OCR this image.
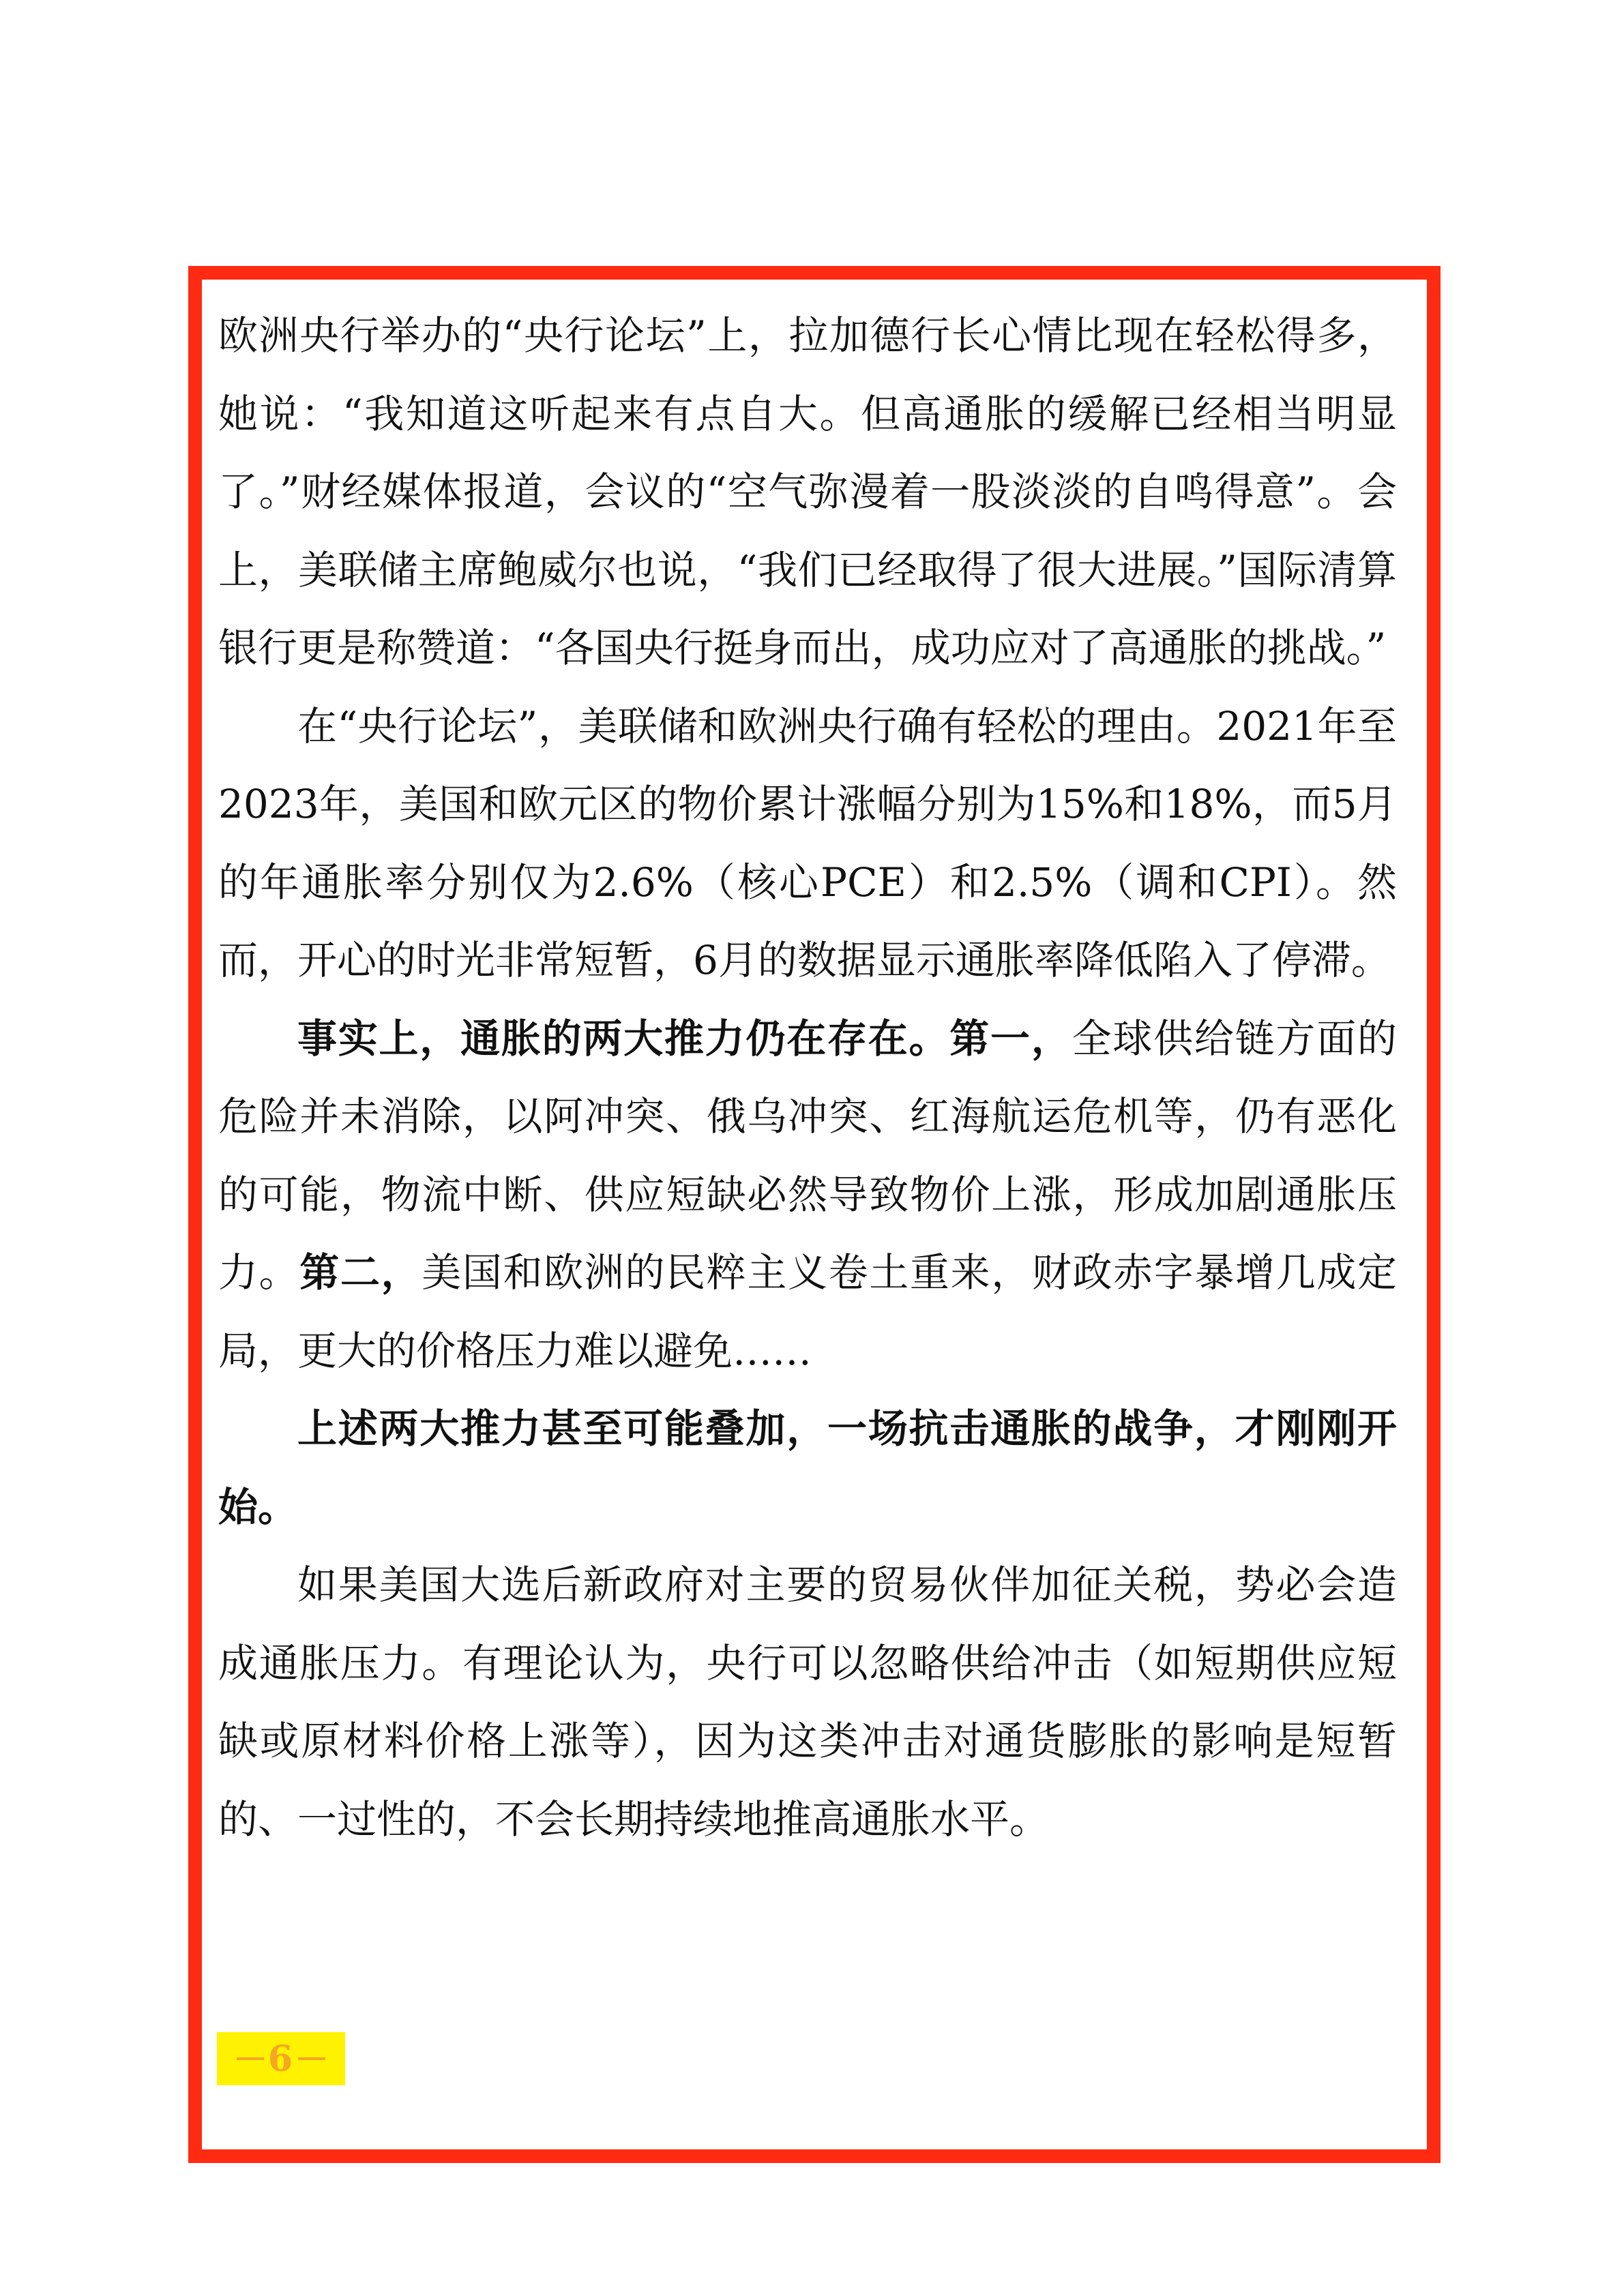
欧洲央行举办的“央行论坛”上，拉加德行长心情比现在轻松得多，她说：“我知道这听起来有点自大。但高通胀的缓解已经相当明显了。”财经媒体报道，会议的“空气弥漫着一股淡淡的自鸣得意”。会上，美联储主席鲍威尔也说，“我们已经取得了很大进展。”国际清算银行更是称赞道：“各国央行挺身而出，成功应对了高通胀的挑战。”

在“央行论坛”，美联储和欧洲央行确有轻松的理由。2021年至2023年，美国和欧元区的物价累计涨幅分别为15%和18%，而5月的年通胀率分别仅为2.6%（核心PCE）和2.5%（调和CPI）。然而，开心的时光非常短暂，6月的数据显示通胀率降低陷入了停滞。

事实上，通胀的两大推力仍在存在。第一，全球供给链方面的危险并未消除，以阿冲突、俄乌冲突、红海航运危机等，仍有恶化的可能，物流中断、供应短缺必然导致物价上涨，形成加剧通胀压力。第二，美国和欧洲的民粹主义卷土重来，财政赤字暴增几成定局，更大的价格压力难以避免……

上述两大推力甚至可能叠加，一场抗击通胀的战争，才刚刚开始。

如果美国大选后新政府对主要的贸易伙伴加征关税，势必会造成通胀压力。有理论认为，央行可以忽略供给冲击（如短期供应短缺或原材料价格上涨等），因为这类冲击对通货膨胀的影响是短暂的、一过性的，不会长期持续地推高通胀水平。

6
